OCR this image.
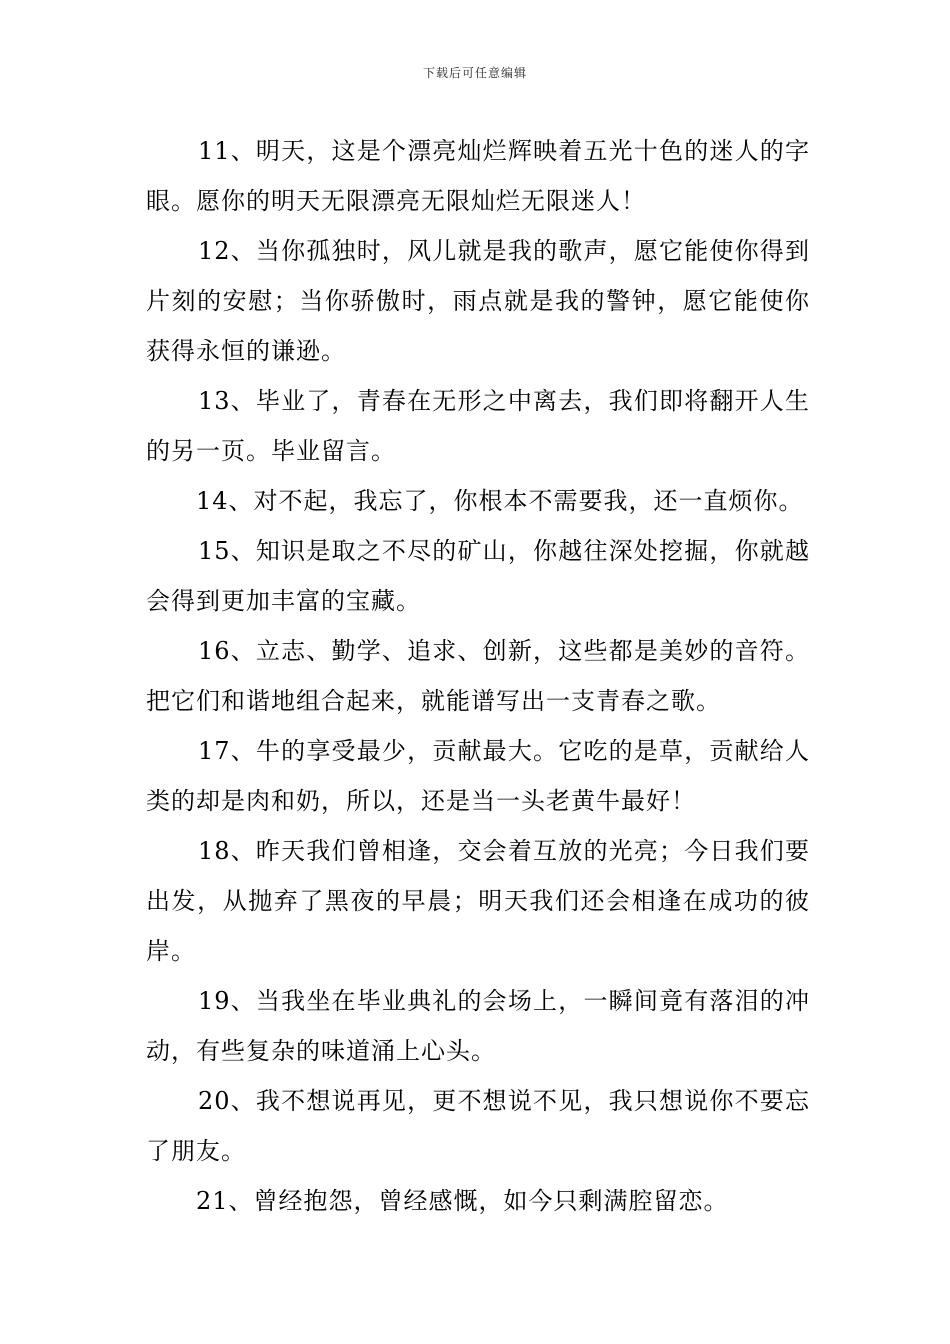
下载后可任意编辑

11、明天，这是个漂亮灿烂辉映着五光十色的迷人的字眼。愿你的明天无限漂亮无限灿烂无限迷人！

12、当你孤独时，风儿就是我的歌声，愿它能使你得到片刻的安慰；当你骄傲时，雨点就是我的警钟，愿它能使你获得永恒的谦逊。

13、毕业了，青春在无形之中离去，我们即将翻开人生的另一页。毕业留言。

14、对不起，我忘了，你根本不需要我，还一直烦你。

15、知识是取之不尽的矿山，你越往深处挖掘，你就越会得到更加丰富的宝藏。

16、立志、勤学、追求、创新，这些都是美妙的音符。把它们和谐地组合起来，就能谱写出一支青春之歌。

17、牛的享受最少，贡献最大。它吃的是草，贡献给人类的却是肉和奶，所以，还是当一头老黄牛最好！

18、昨天我们曾相逢，交会着互放的光亮；今日我们要出发，从抛弃了黑夜的早晨；明天我们还会相逢在成功的彼岸。

19、当我坐在毕业典礼的会场上，一瞬间竟有落泪的冲动，有些复杂的味道涌上心头。

20、我不想说再见，更不想说不见，我只想说你不要忘了朋友。

21、曾经抱怨，曾经感慨，如今只剩满腔留恋。
